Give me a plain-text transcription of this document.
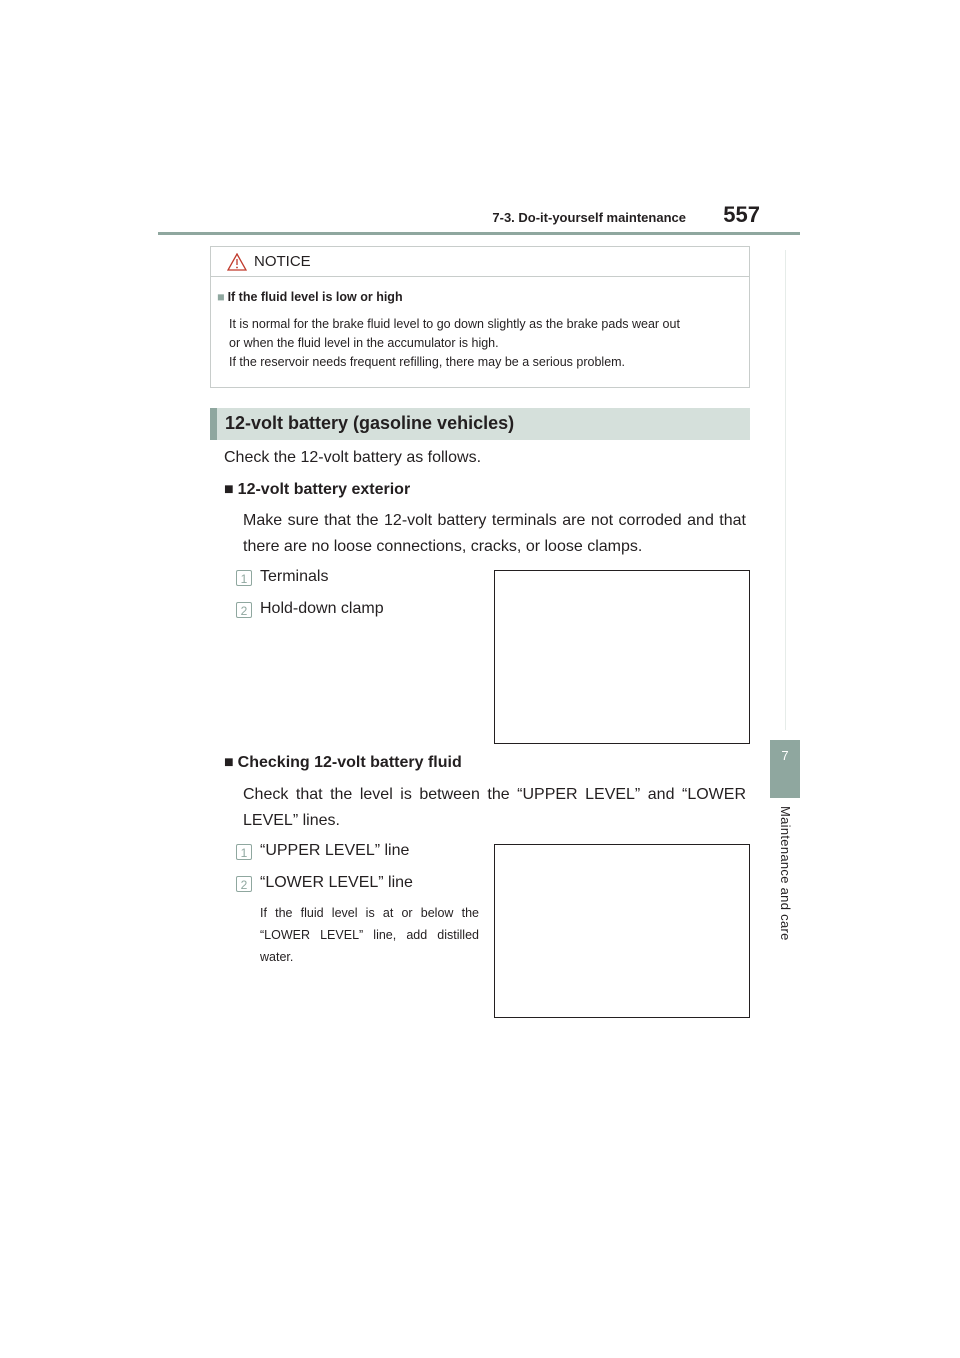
7-3. Do-it-yourself maintenance 557
7
Maintenance and care
NOTICE
■ If the fluid level is low or high
It is normal for the brake fluid level to go down slightly as the brake pads wear out
or when the fluid level in the accumulator is high.
If the reservoir needs frequent refilling, there may be a serious problem.
12-volt battery (gasoline vehicles)
Check the 12-volt battery as follows.
■ 12-volt battery exterior
Make sure that the 12-volt battery terminals are not corroded and that there are no loose connections, cracks, or loose clamps.
1 Terminals
2 Hold-down clamp
■ Checking 12-volt battery fluid
Check that the level is between the “UPPER LEVEL” and “LOWER LEVEL” lines.
1 “UPPER LEVEL” line
2 “LOWER LEVEL” line
If the fluid level is at or below the “LOWER LEVEL” line, add distilled water.
